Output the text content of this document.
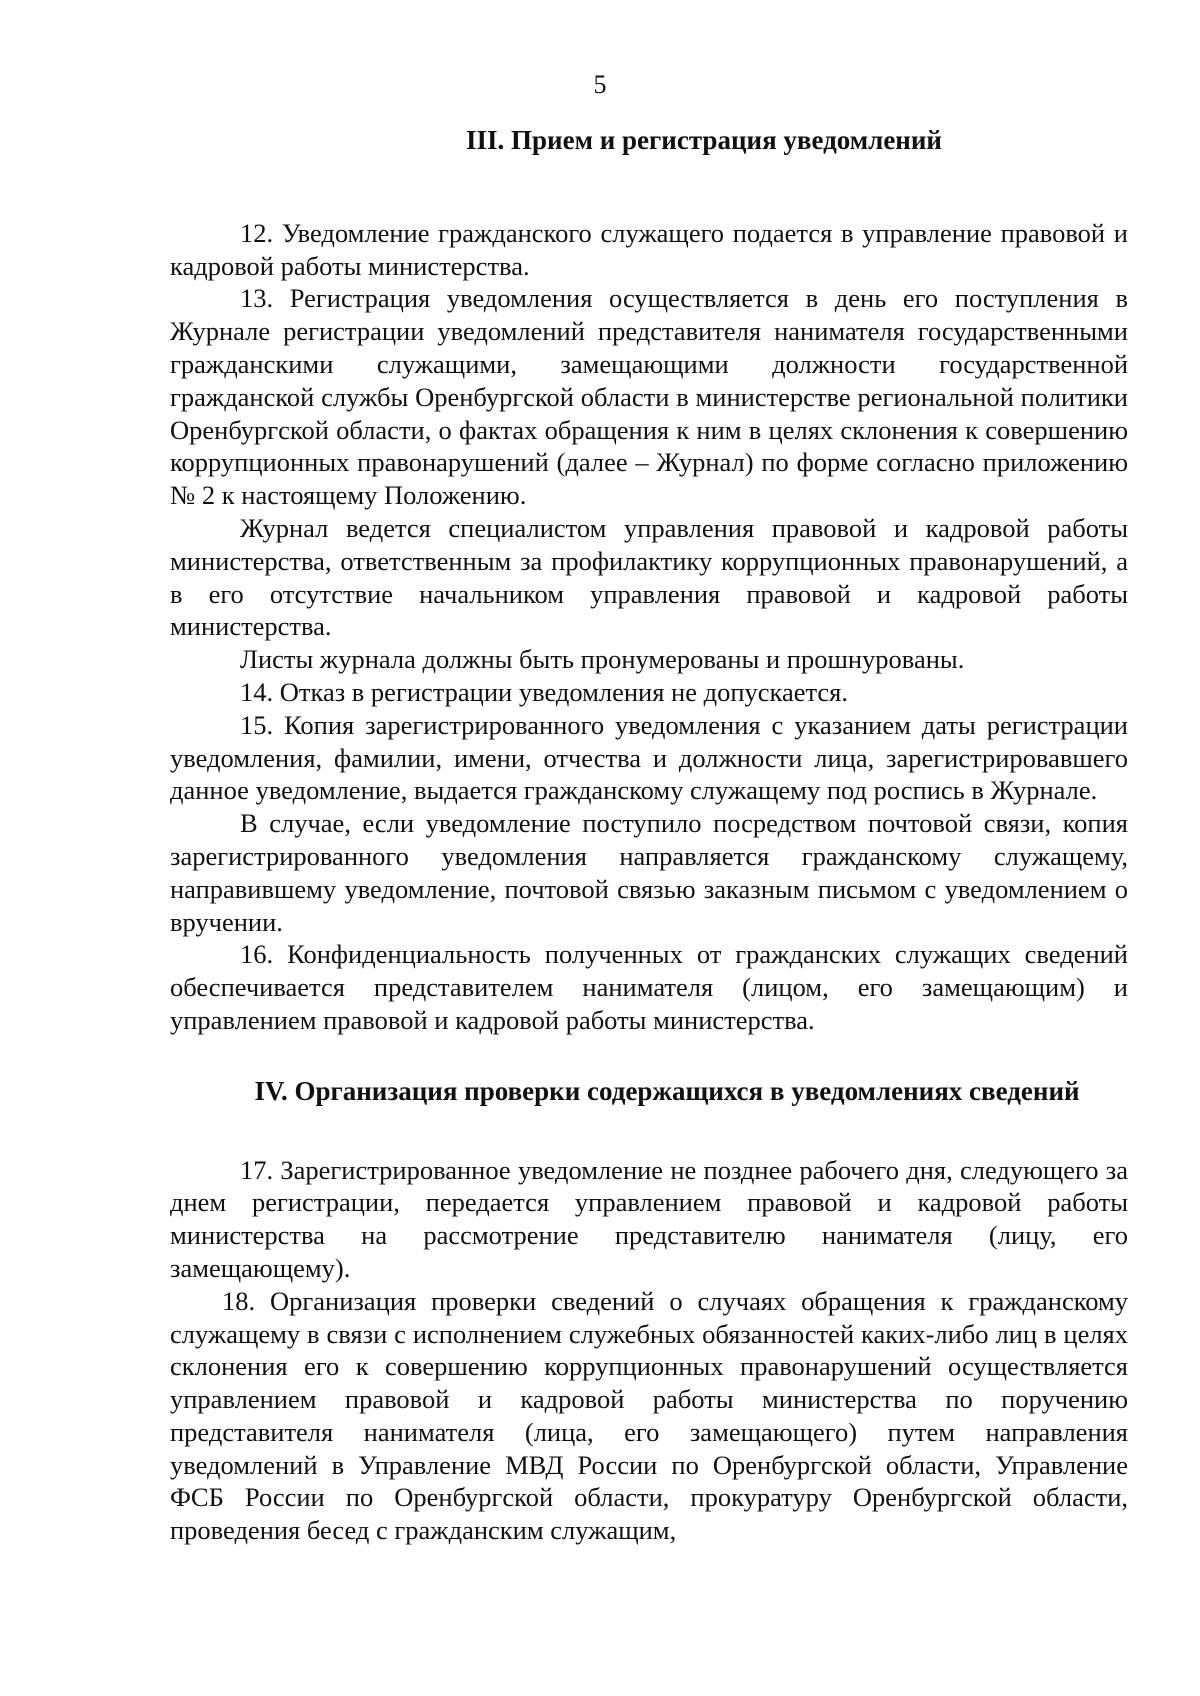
5
III. Прием и регистрация уведомлений

12. Уведомление гражданского служащего подается в управление правовой и кадровой работы министерства.

13. Регистрация уведомления осуществляется в день его поступления в Журнале регистрации уведомлений представителя нанимателя государственными гражданскими служащими, замещающими должности государственной гражданской службы Оренбургской области в министерстве региональной политики Оренбургской области, о фактах обращения к ним в целях склонения к совершению коррупционных правонарушений (далее – Журнал) по форме согласно приложению № 2 к настоящему Положению.

Журнал ведется специалистом управления правовой и кадровой работы министерства, ответственным за профилактику коррупционных правонарушений, а в его отсутствие начальником управления правовой и кадровой работы министерства.

Листы журнала должны быть пронумерованы и прошнурованы.

14. Отказ в регистрации уведомления не допускается.

15. Копия зарегистрированного уведомления с указанием даты регистрации уведомления, фамилии, имени, отчества и должности лица, зарегистрировавшего данное уведомление, выдается гражданскому служащему под роспись в Журнале.

В случае, если уведомление поступило посредством почтовой связи, копия зарегистрированного уведомления направляется гражданскому служащему, направившему уведомление, почтовой связью заказным письмом с уведомлением о вручении.

16. Конфиденциальность полученных от гражданских служащих сведений обеспечивается представителем нанимателя (лицом, его замещающим) и управлением правовой и кадровой работы министерства.

IV. Организация проверки содержащихся в уведомлениях сведений

17. Зарегистрированное уведомление не позднее рабочего дня, следующего за днем регистрации, передается управлением правовой и кадровой работы министерства на рассмотрение представителю нанимателя (лицу, его замещающему).

18. Организация проверки сведений о случаях обращения к гражданскому служащему в связи с исполнением служебных обязанностей каких-либо лиц в целях склонения его к совершению коррупционных правонарушений осуществляется управлением правовой и кадровой работы министерства по поручению представителя нанимателя (лица, его замещающего) путем направления уведомлений в Управление МВД России по Оренбургской области, Управление ФСБ России по Оренбургской области, прокуратуру Оренбургской области, проведения бесед с гражданским служащим,
